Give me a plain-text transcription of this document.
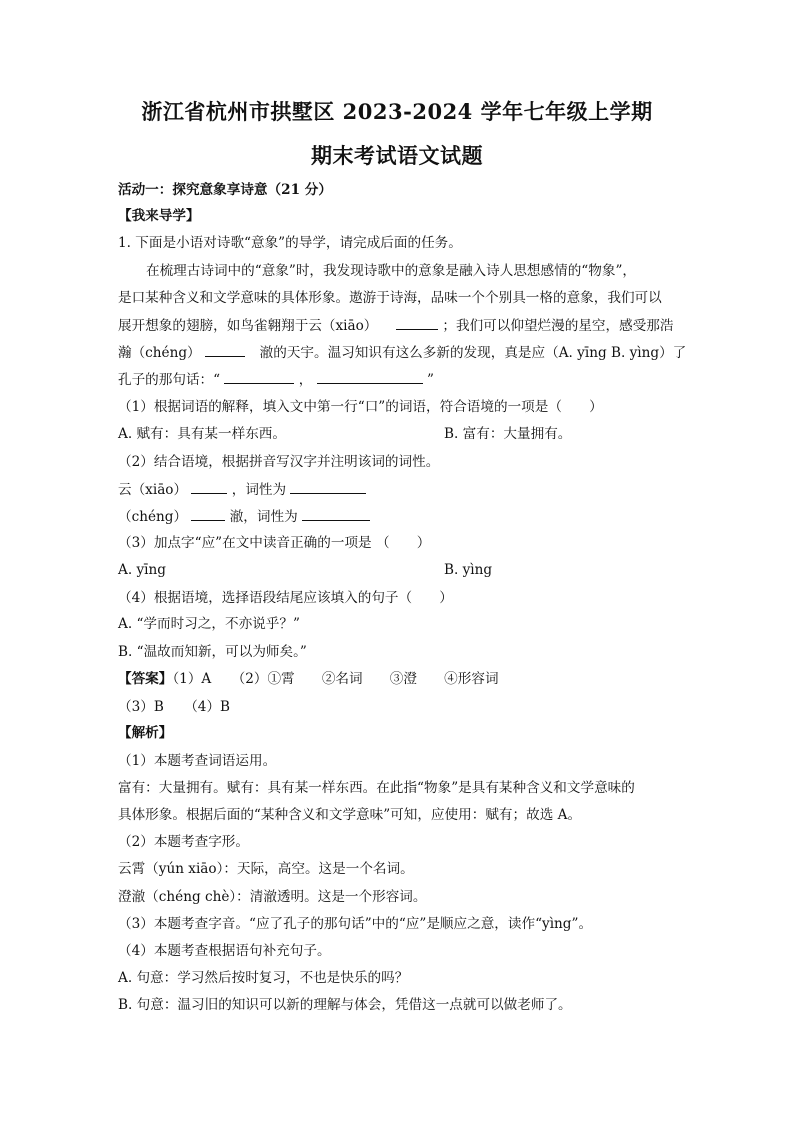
浙江省杭州市拱墅区 2023-2024 学年七年级上学期
期末考试语文试题
活动一：探究意象享诗意（21 分）
【我来导学】
1. 下面是小语对诗歌“意象”的导学，请完成后面的任务。
在梳理古诗词中的“意象”时，我发现诗歌中的意象是融入诗人思想感情的“物象”，
是口某种含义和文学意味的具体形象。遨游于诗海，品味一个个别具一格的意象，我们可以
展开想象的翅膀，如鸟雀翱翔于云（xiāo）	；我们可以仰望烂漫的星空，感受那浩
瀚（chéng）	澈的天宇。温习知识有这么多新的发现，真是应（A. yīng B. yìng）了
孔子的那句话：“	，	”
（1）根据词语的解释，填入文中第一行“口”的词语，符合语境的一项是（　　）
A. 赋有：具有某一样东西。	B. 富有：大量拥有。
（2）结合语境，根据拼音写汉字并注明该词的词性。
云（xiāo）	，词性为
（chéng）	澈，词性为
（3）加点字“应”在文中读音正确的一项是 （　　）
A. yīng	B. yìng
（4）根据语境，选择语段结尾应该填入的句子（　　）
A. “学而时习之，不亦说乎？”
B. “温故而知新，可以为师矣。”
【答案】（1）A　　（2）①霄　　②名词　　③澄　　④形容词
（3）B　　（4）B
【解析】
（1）本题考查词语运用。
富有：大量拥有。赋有：具有某一样东西。在此指“物象”是具有某种含义和文学意味的
具体形象。根据后面的“某种含义和文学意味”可知，应使用：赋有；故选 A。
（2）本题考查字形。
云霄（yún xiāo）：天际，高空。这是一个名词。
澄澈（chéng chè）：清澈透明。这是一个形容词。
（3）本题考查字音。“应了孔子的那句话”中的“应”是顺应之意，读作“yìng”。
（4）本题考查根据语句补充句子。
A. 句意：学习然后按时复习，不也是快乐的吗？
B. 句意：温习旧的知识可以新的理解与体会，凭借这一点就可以做老师了。
